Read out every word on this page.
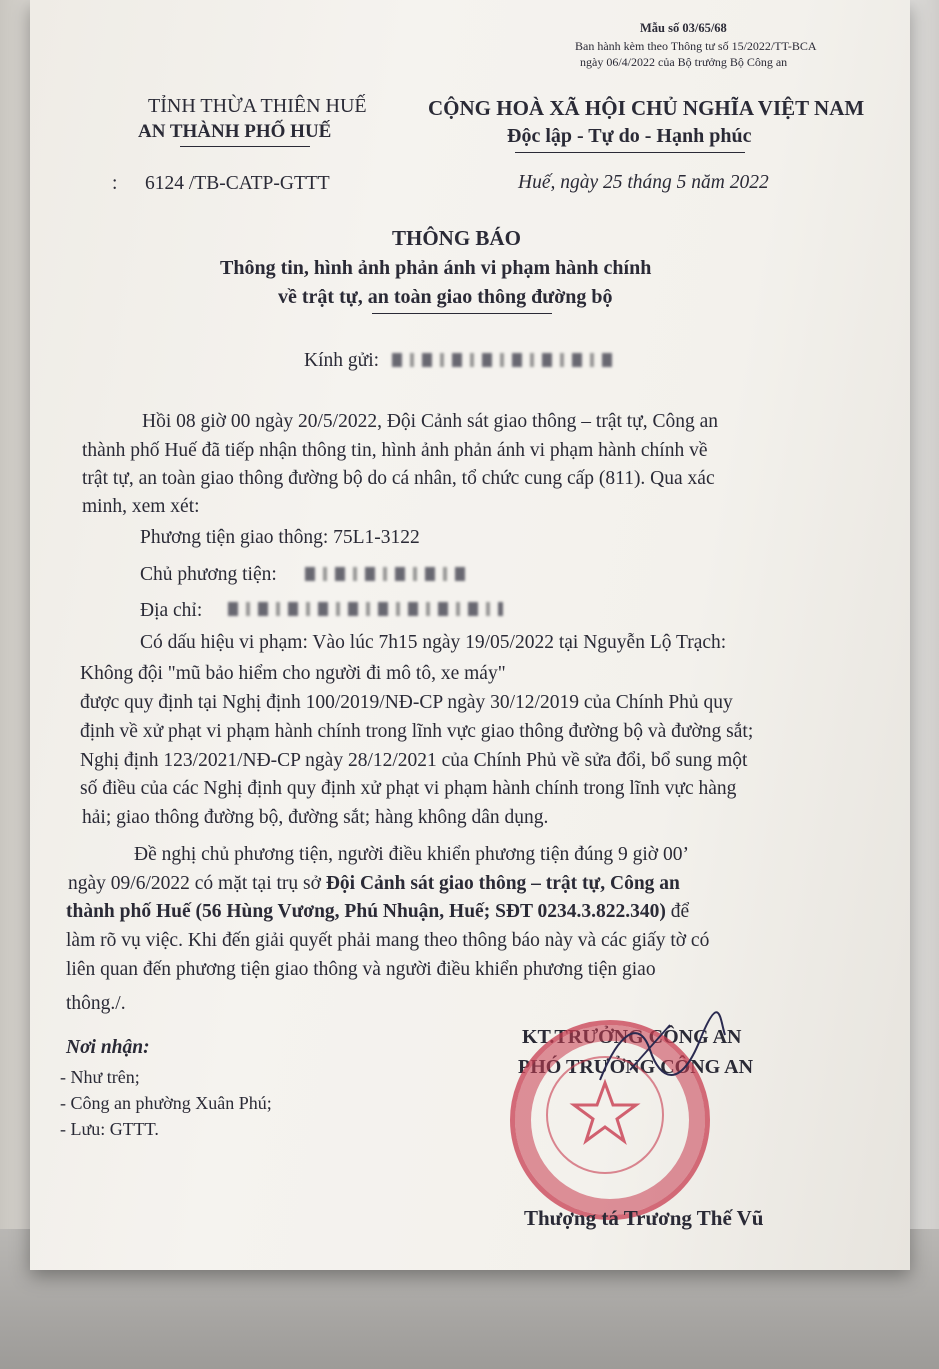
Mẫu số 03/65/68
Ban hành kèm theo Thông tư số 15/2022/TT-BCA
ngày 06/4/2022 của Bộ trưởng Bộ Công an
TỈNH THỪA THIÊN HUẾ
AN THÀNH PHỐ HUẾ
CỘNG HOÀ XÃ HỘI CHỦ NGHĨA VIỆT NAM
Độc lập - Tự do - Hạnh phúc
: 6124 /TB-CATP-GTTT	Huế, ngày 25 tháng 5 năm 2022
THÔNG BÁO
Thông tin, hình ảnh phản ánh vi phạm hành chính
về trật tự, an toàn giao thông đường bộ
Kính gửi:
Hồi 08 giờ 00 ngày 20/5/2022, Đội Cảnh sát giao thông – trật tự, Công an
thành phố Huế đã tiếp nhận thông tin, hình ảnh phản ánh vi phạm hành chính về
trật tự, an toàn giao thông đường bộ do cá nhân, tổ chức cung cấp (811). Qua xác
minh, xem xét:
Phương tiện giao thông: 75L1-3122
Chủ phương tiện:
Địa chỉ:
Có dấu hiệu vi phạm: Vào lúc 7h15 ngày 19/05/2022 tại Nguyễn Lộ Trạch:
Không đội "mũ bảo hiểm cho người đi mô tô, xe máy"
được quy định tại Nghị định 100/2019/NĐ-CP ngày 30/12/2019 của Chính Phủ quy
định về xử phạt vi phạm hành chính trong lĩnh vực giao thông đường bộ và đường sắt;
Nghị định 123/2021/NĐ-CP ngày 28/12/2021 của Chính Phủ về sửa đổi, bổ sung một
số điều của các Nghị định quy định xử phạt vi phạm hành chính trong lĩnh vực hàng
hải; giao thông đường bộ, đường sắt; hàng không dân dụng.
Đề nghị chủ phương tiện, người điều khiển phương tiện đúng 9 giờ 00’
ngày 09/6/2022 có mặt tại trụ sở Đội Cảnh sát giao thông – trật tự, Công an
thành phố Huế (56 Hùng Vương, Phú Nhuận, Huế; SĐT 0234.3.822.340) để
làm rõ vụ việc. Khi đến giải quyết phải mang theo thông báo này và các giấy tờ có
liên quan đến phương tiện giao thông và người điều khiển phương tiện giao
thông./.
Nơi nhận:
- Như trên;
- Công an phường Xuân Phú;
- Lưu: GTTT.
KT.TRƯỞNG CÔNG AN
PHÓ TRƯỞNG CÔNG AN
Thượng tá Trương Thế Vũ
